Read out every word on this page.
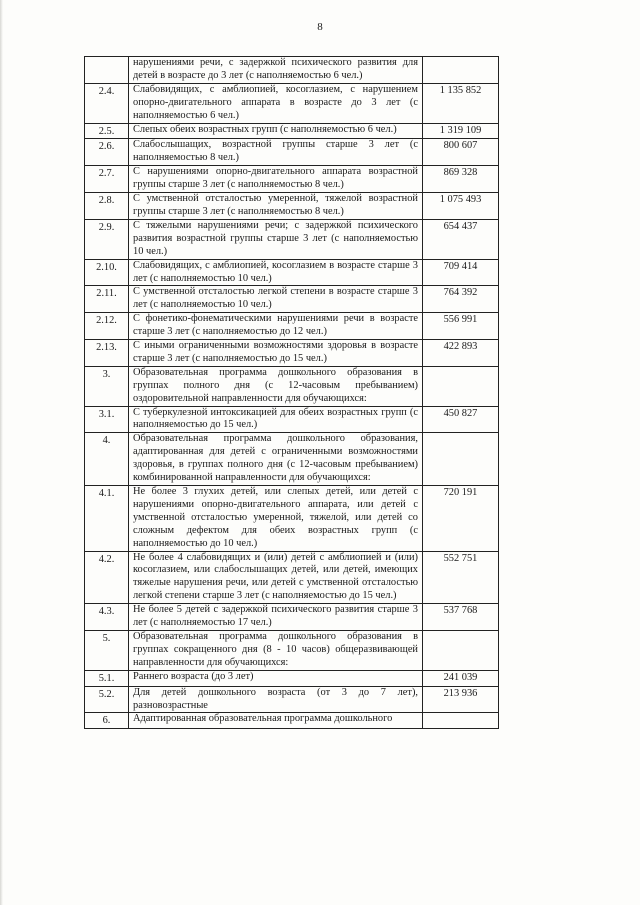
8
	нарушениями речи, с задержкой психического развития для детей в возрасте до 3 лет (с наполняемостью 6 чел.)	
2.4.	Слабовидящих, с амблиопией, косоглазием, с нарушением опорно-двигательного аппарата в возрасте до 3 лет (с наполняемостью 6 чел.)	1 135 852
2.5.	Слепых обеих возрастных групп (с наполняемостью 6 чел.)	1 319 109
2.6.	Слабослышащих, возрастной группы старше 3 лет (с наполняемостью 8 чел.)	800 607
2.7.	С нарушениями опорно-двигательного аппарата возрастной группы старше 3 лет (с наполняемостью 8 чел.)	869 328
2.8.	С умственной отсталостью умеренной, тяжелой возрастной группы старше 3 лет (с наполняемостью 8 чел.)	1 075 493
2.9.	С тяжелыми нарушениями речи; с задержкой психического развития возрастной группы старше 3 лет (с наполняемостью 10 чел.)	654 437
2.10.	Слабовидящих, с амблиопией, косоглазием в возрасте старше 3 лет (с наполняемостью 10 чел.)	709 414
2.11.	С умственной отсталостью легкой степени в возрасте старше 3 лет (с наполняемостью 10 чел.)	764 392
2.12.	С фонетико-фонематическими нарушениями речи в возрасте старше 3 лет (с наполняемостью до 12 чел.)	556 991
2.13.	С иными ограниченными возможностями здоровья в возрасте старше 3 лет (с наполняемостью до 15 чел.)	422 893
3.	Образовательная программа дошкольного образования в группах полного дня (с 12-часовым пребыванием) оздоровительной направленности для обучающихся:	
3.1.	С туберкулезной интоксикацией для обеих возрастных групп (с наполняемостью до 15 чел.)	450 827
4.	Образовательная программа дошкольного образования, адаптированная для детей с ограниченными возможностями здоровья, в группах полного дня (с 12-часовым пребыванием) комбинированной направленности для обучающихся:	
4.1.	Не более 3 глухих детей, или слепых детей, или детей с нарушениями опорно-двигательного аппарата, или детей с умственной отсталостью умеренной, тяжелой, или детей со сложным дефектом для обеих возрастных групп (с наполняемостью до 10 чел.)	720 191
4.2.	Не более 4 слабовидящих и (или) детей с амблиопией и (или) косоглазием, или слабослышащих детей, или детей, имеющих тяжелые нарушения речи, или детей с умственной отсталостью легкой степени старше 3 лет (с наполняемостью до 15 чел.)	552 751
4.3.	Не более 5 детей с задержкой психического развития старше 3 лет (с наполняемостью 17 чел.)	537 768
5.	Образовательная программа дошкольного образования в группах сокращенного дня (8 - 10 часов) общеразвивающей направленности для обучающихся:	
5.1.	Раннего возраста (до 3 лет)	241 039
5.2.	Для детей дошкольного возраста (от 3 до 7 лет), разновозрастные	213 936
6.	Адаптированная образовательная программа дошкольного	
